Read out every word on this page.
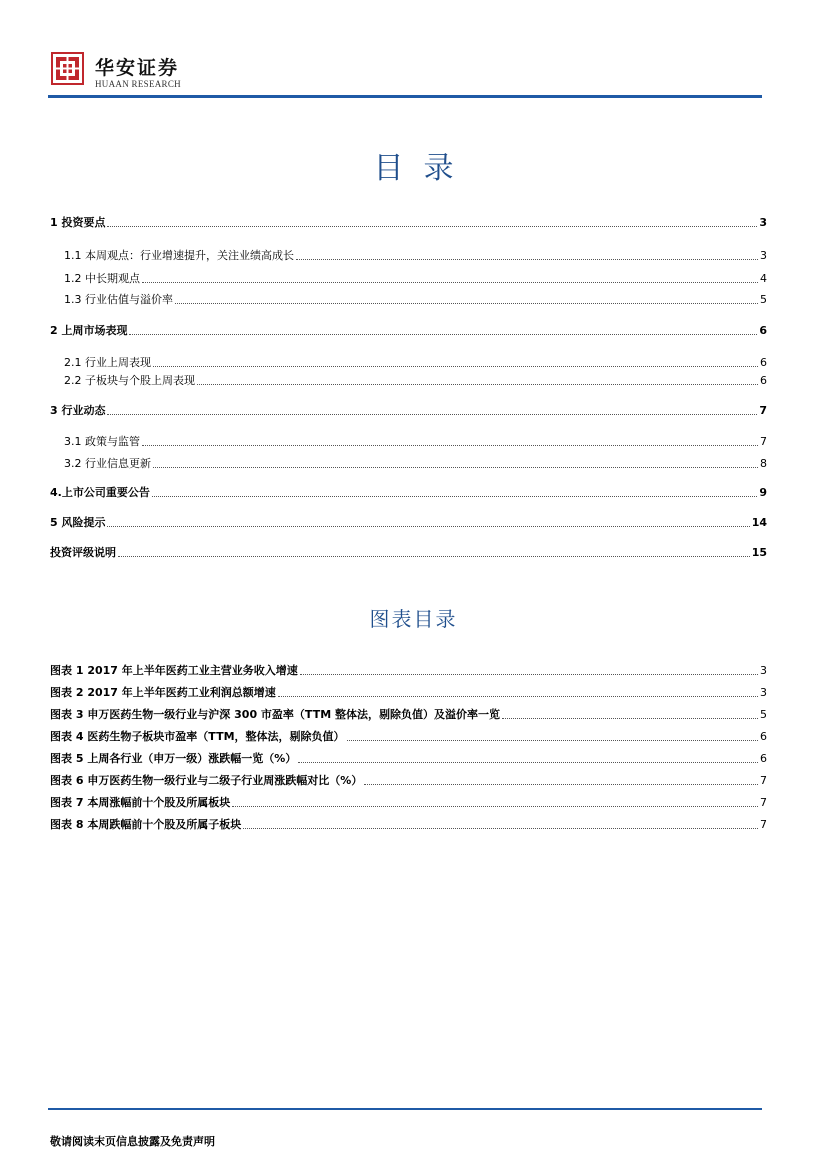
华安证券
HUAAN RESEARCH
目录
1 投资要点	3
1.1 本周观点：行业增速提升，关注业绩高成长	3
1.2 中长期观点	4
1.3 行业估值与溢价率	5
2 上周市场表现	6
2.1 行业上周表现	6
2.2 子板块与个股上周表现	6
3 行业动态	7
3.1 政策与监管	7
3.2 行业信息更新	8
4.上市公司重要公告	9
5 风险提示	14
投资评级说明	15
图表目录
图表 1 2017 年上半年医药工业主营业务收入增速	3
图表 2 2017 年上半年医药工业利润总额增速	3
图表 3 申万医药生物一级行业与沪深 300 市盈率（TTM 整体法，剔除负值）及溢价率一览	5
图表 4 医药生物子板块市盈率（TTM，整体法，剔除负值）	6
图表 5 上周各行业（申万一级）涨跌幅一览（%）	6
图表 6 申万医药生物一级行业与二级子行业周涨跌幅对比（%）	7
图表 7 本周涨幅前十个股及所属板块	7
图表 8 本周跌幅前十个股及所属子板块	7
敬请阅读末页信息披露及免责声明
